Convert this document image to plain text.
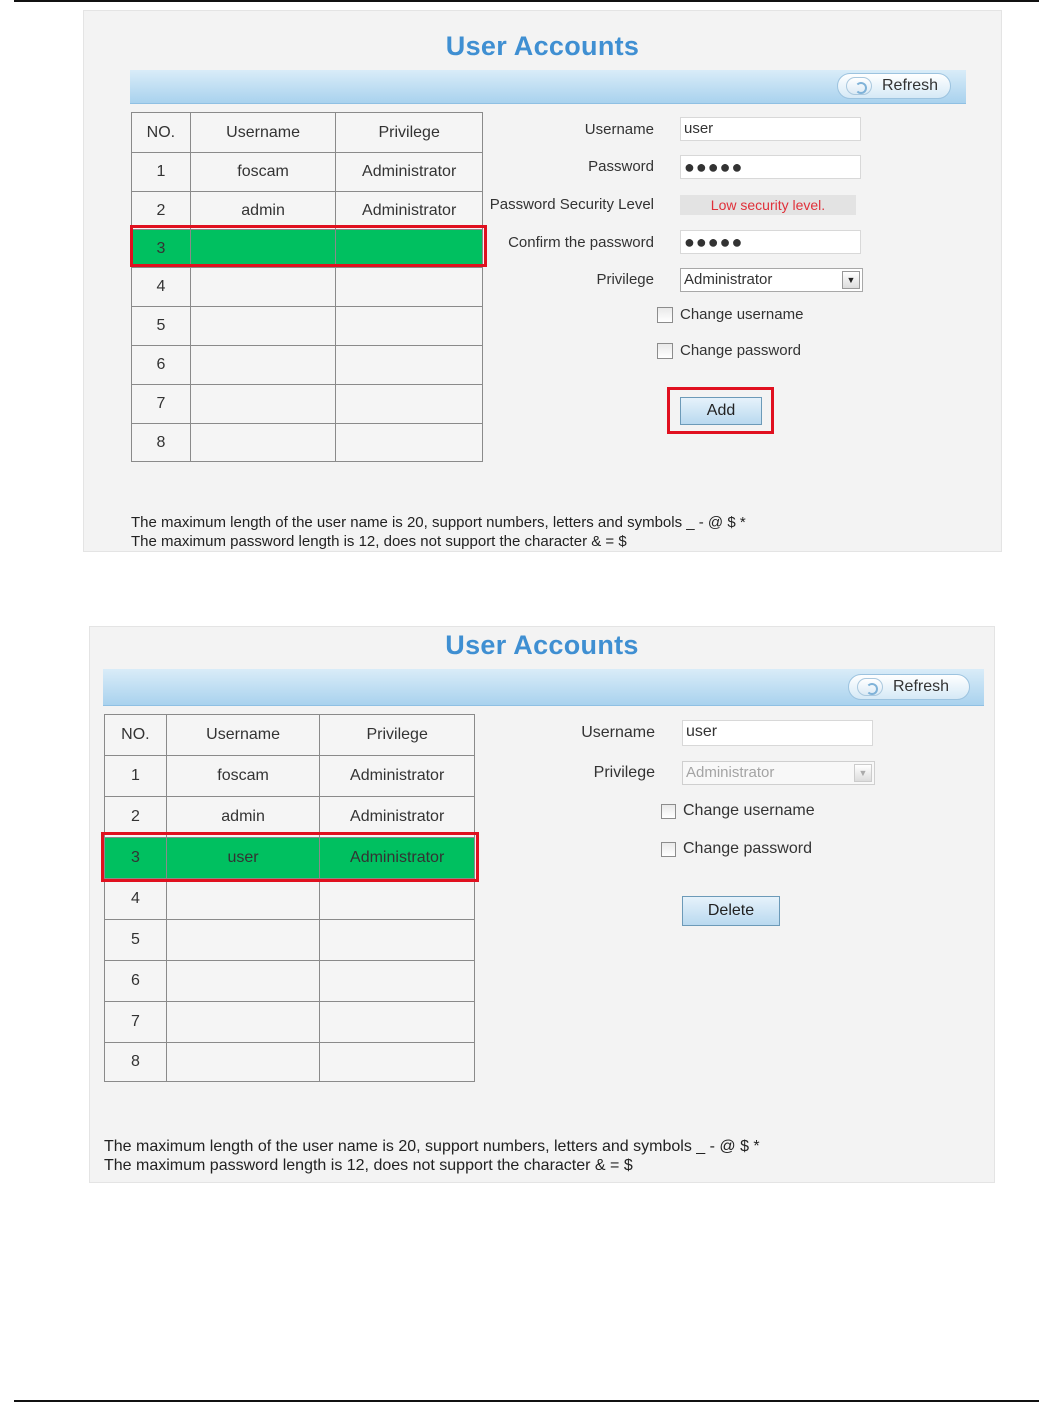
User Accounts
Refresh
NO.	Username	Privilege
1	foscam	Administrator
2	admin	Administrator
3		
4		
5		
6		
7		
8		
Username user
Password ●●●●●
Password Security Level	Low security level.
Confirm the password ●●●●●
Privilege Administrator	▼
Change username
Change password
Add
The maximum length of the user name is 20, support numbers, letters and symbols _ - @ $ *
The maximum password length is 12, does not support the character & = $
User Accounts
Refresh
NO.	Username	Privilege
1	foscam	Administrator
2	admin	Administrator
3	user	Administrator
4		
5		
6		
7		
8		
Username user
Privilege Administrator	▼
Change username
Change password
Delete
The maximum length of the user name is 20, support numbers, letters and symbols _ - @ $ *
The maximum password length is 12, does not support the character & = $
